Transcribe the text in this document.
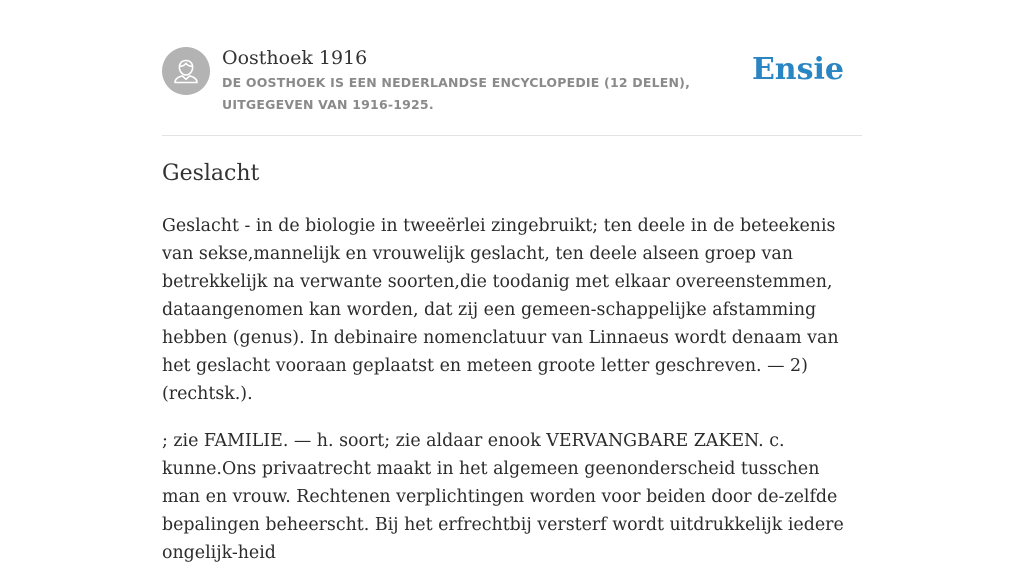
Oosthoek 1916
DE OOSTHOEK IS EEN NEDERLANDSE ENCYCLOPEDIE (12 DELEN), UITGEGEVEN VAN 1916-1925.
Ensie
Geslacht

Geslacht - in de biologie in tweeërlei zingebruikt; ten deele in de beteekenis van sekse,mannelijk en vrouwelijk geslacht, ten deele alseen groep van betrekkelijk na verwante soorten,die toodanig met elkaar overeenstemmen, dataangenomen kan worden, dat zij een gemeen-schappelijke afstamming hebben (genus). In debinaire nomenclatuur van Linnaeus wordt denaam van het geslacht vooraan geplaatst en meteen groote letter geschreven. — 2) (rechtsk.).

; zie FAMILIE. — h. soort; zie aldaar enook VERVANGBARE ZAKEN. c. kunne.Ons privaatrecht maakt in het algemeen geenonderscheid tusschen man en vrouw. Rechtenen verplichtingen worden voor beiden door de-zelfde bepalingen beheerscht. Bij het erfrechtbij versterf wordt uitdrukkelijk iedere ongelijk-heid
